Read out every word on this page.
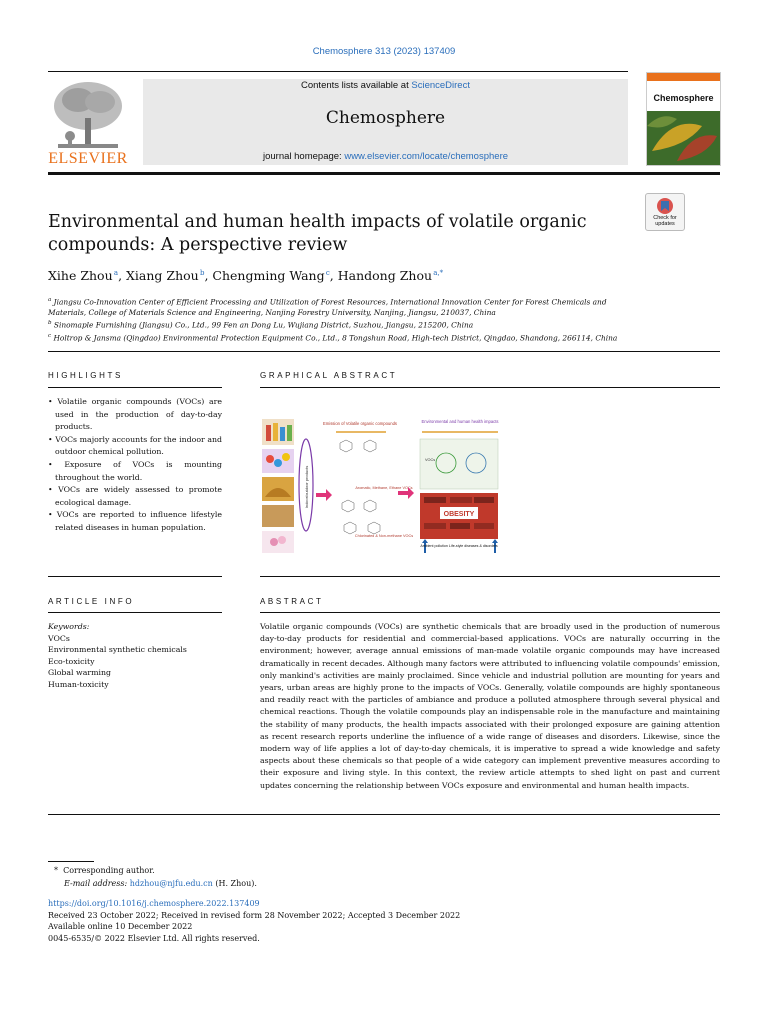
Chemosphere 313 (2023) 137409
ELSEVIER
Contents lists available at ScienceDirect
Chemosphere
journal homepage: www.elsevier.com/locate/chemosphere
Chemosphere
Check for updates
Environmental and human health impacts of volatile organic compounds: A perspective review
Xihe Zhou $^a$, Xiang Zhou $^b$, Chengming Wang $^c$, Handong Zhou $^{a,*}$
$^a$ Jiangsu Co-Innovation Center of Efficient Processing and Utilization of Forest Resources, International Innovation Center for Forest Chemicals and Materials, College of Materials Science and Engineering, Nanjing Forestry University, Nanjing, Jiangsu, 210037, China
$^b$ Sinomaple Furnishing (Jiangsu) Co., Ltd., 99 Fen an Dong Lu, Wujiang District, Suzhou, Jiangsu, 215200, China
$^c$ Holtrop & Jansma (Qingdao) Environmental Protection Equipment Co., Ltd., 8 Tongshun Road, High-tech District, Qingdao, Shandong, 266114, China
HIGHLIGHTS	GRAPHICAL ABSTRACT
• Volatile organic compounds (VOCs) are used in the production of day-to-day products.
• VOCs majorly accounts for the indoor and outdoor chemical pollution.
• Exposure of VOCs is mounting throughout the world.
• VOCs are widely assessed to promote ecological damage.
• VOCs are reported to influence lifestyle related diseases in human population.
Indoor/outdoor products
Emission of Volatile organic compounds
Aromatic, Methane, Ethane VOCs
Chlorinated & Non-methane VOCs
Environmental and human health impacts
VOCs
OBESITY
Ambient pollution Life-style diseases & disorders
ARTICLE INFO	ABSTRACT
Keywords:
VOCs
Environmental synthetic chemicals
Eco-toxicity
Global warming
Human-toxicity
Volatile organic compounds (VOCs) are synthetic chemicals that are broadly used in the production of numerous day-to-day products for residential and commercial-based applications. VOCs are naturally occurring in the environment; however, average annual emissions of man-made volatile organic compounds may have increased dramatically in recent decades. Although many factors were attributed to influencing volatile compounds' emission, only mankind's activities are mainly proclaimed. Since vehicle and industrial pollution are mounting for years and years, urban areas are highly prone to the impacts of VOCs. Generally, volatile compounds are highly spontaneous and readily react with the particles of ambiance and produce a polluted atmosphere through several physical and chemical reactions. Though the volatile compounds play an indispensable role in the manufacture and maintaining the stability of many products, the health impacts associated with their prolonged exposure are gaining attention as recent research reports underline the influence of a wide range of diseases and disorders. Likewise, since the modern way of life applies a lot of day-to-day chemicals, it is imperative to spread a wide knowledge and safety aspects about these chemicals so that people of a wide category can implement preventive measures according to their exposure and living style. In this context, the review article attempts to shed light on past and current updates concerning the relationship between VOCs exposure and environmental and human health impacts.
* Corresponding author.
E-mail address: hdzhou@njfu.edu.cn (H. Zhou).
https://doi.org/10.1016/j.chemosphere.2022.137409
Received 23 October 2022; Received in revised form 28 November 2022; Accepted 3 December 2022
Available online 10 December 2022
0045-6535/© 2022 Elsevier Ltd. All rights reserved.
